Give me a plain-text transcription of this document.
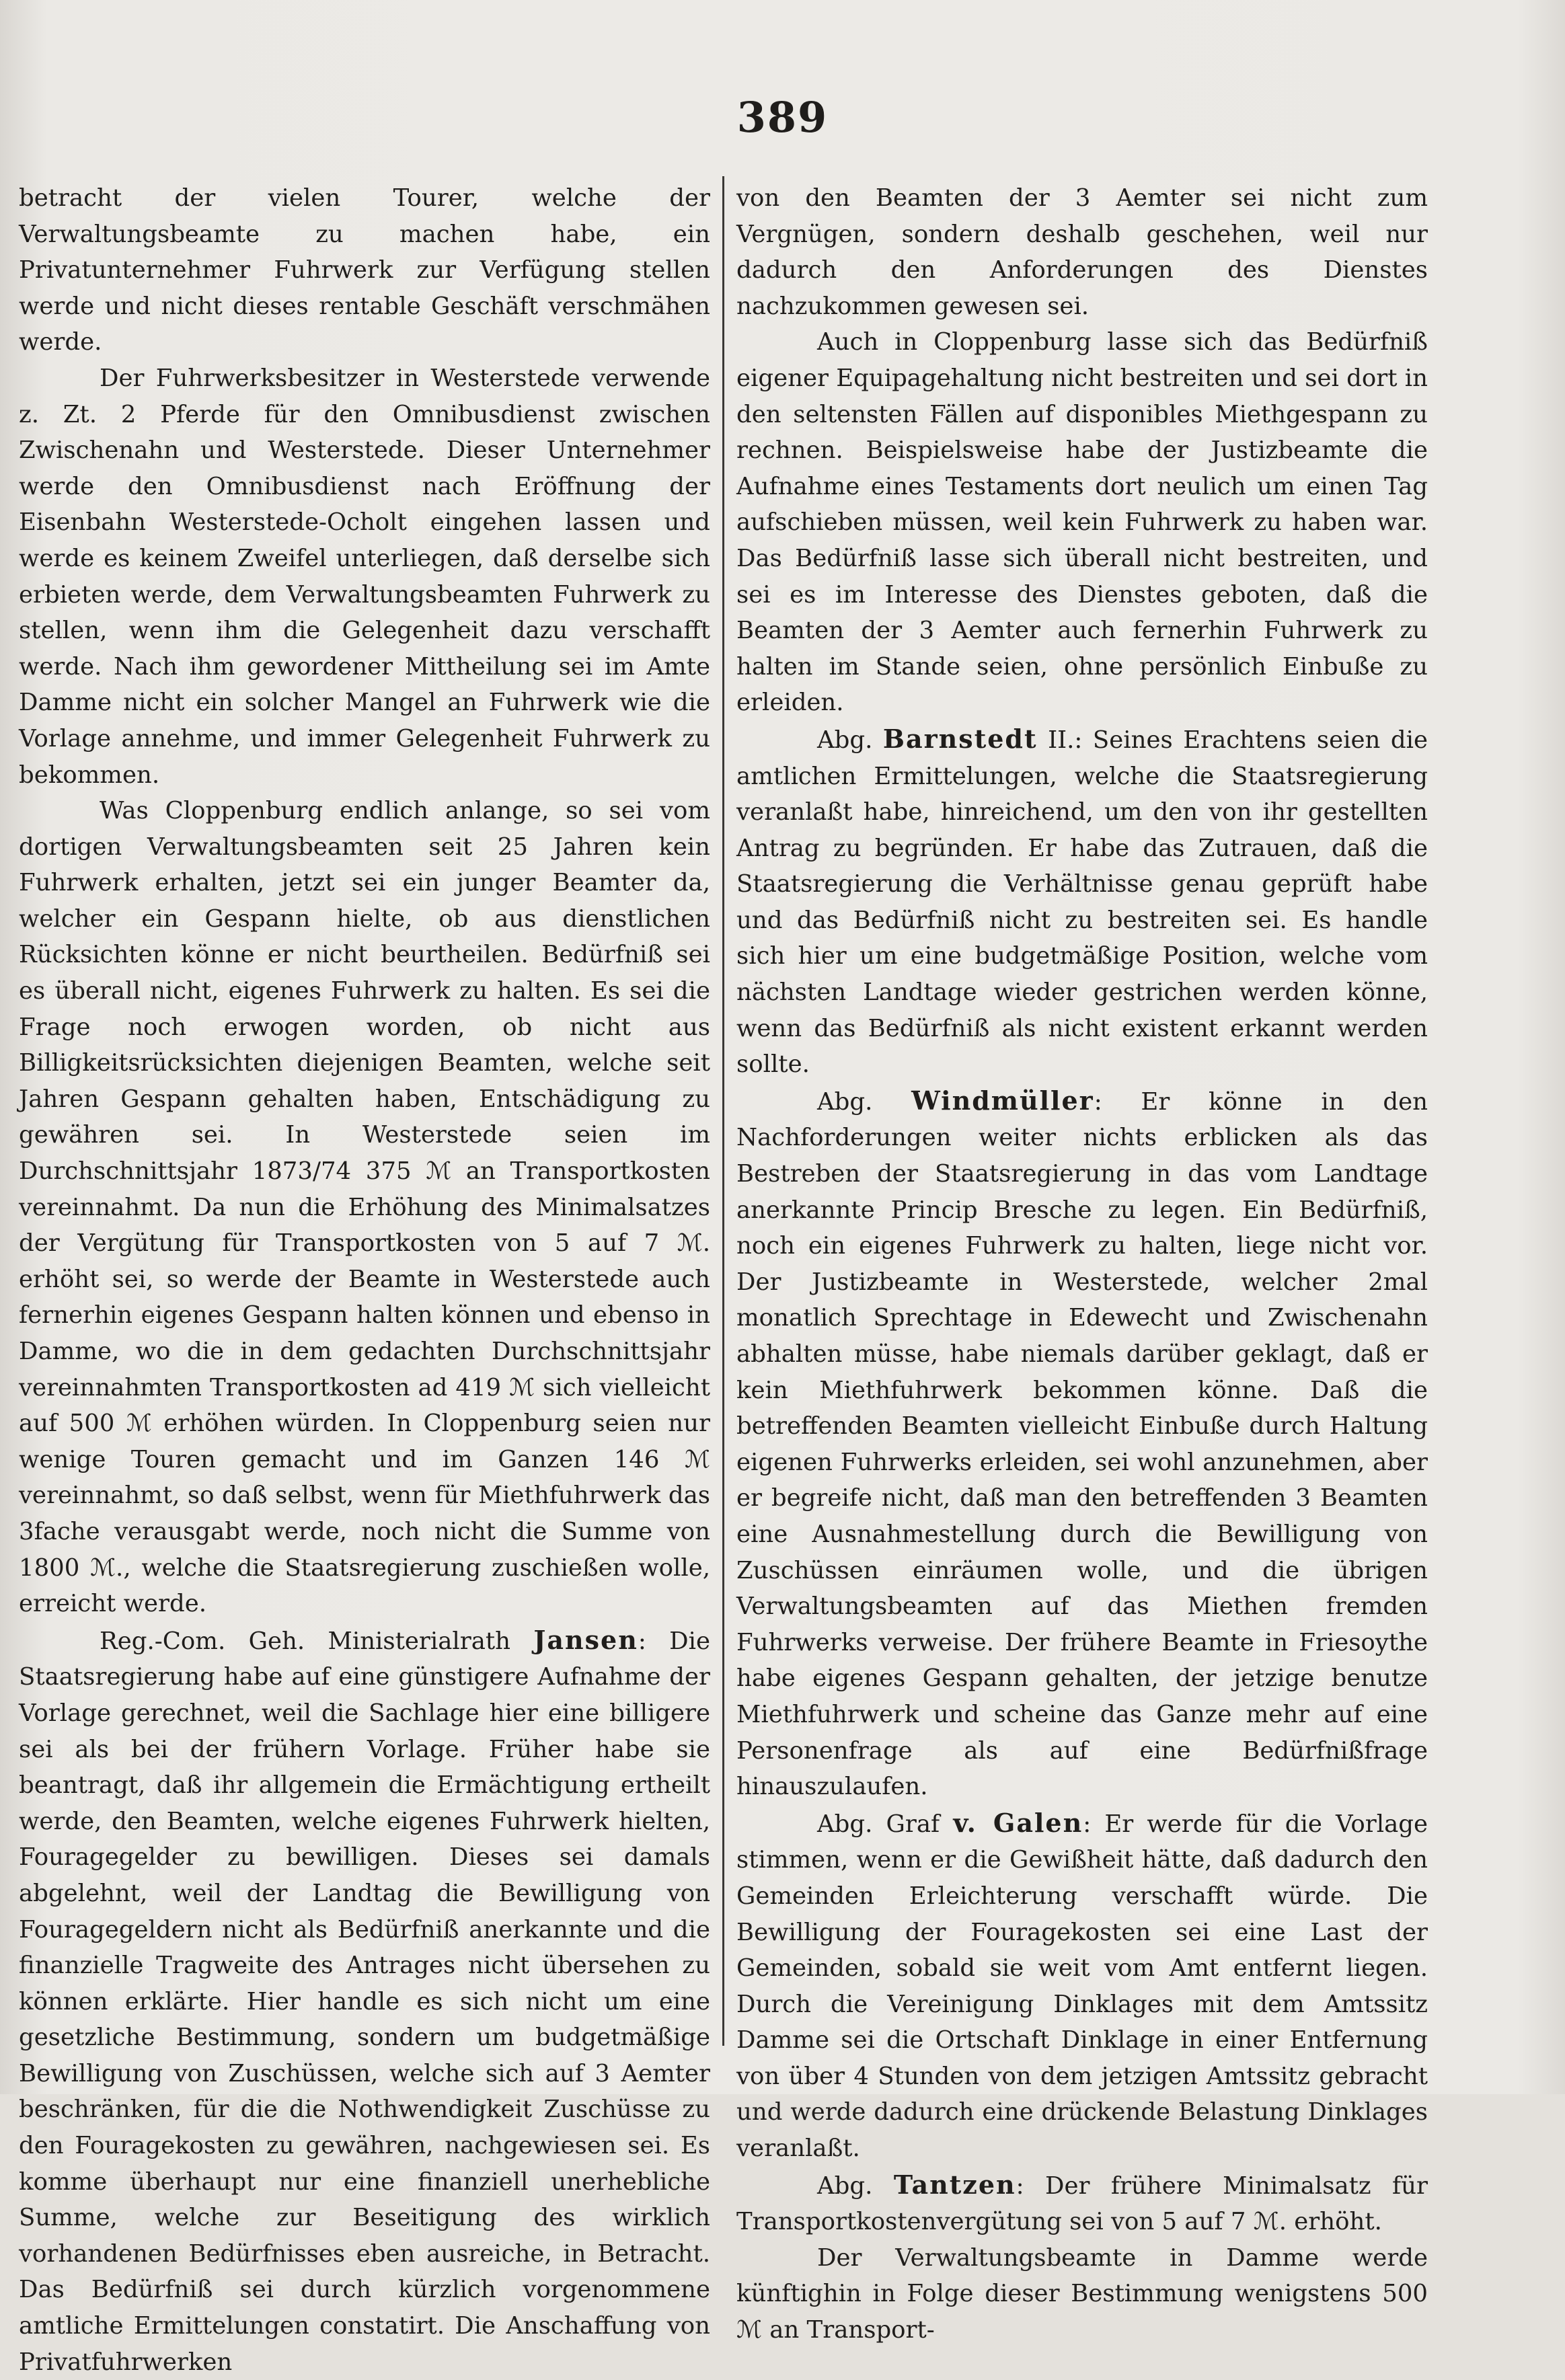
389

betracht der vielen Tourer, welche der Verwaltungsbeamte zu machen habe, ein Privatunternehmer Fuhrwerk zur Verfügung stellen werde und nicht dieses rentable Geschäft verschmähen werde.

Der Fuhrwerksbesitzer in Westerstede verwende z. Zt. 2 Pferde für den Omnibusdienst zwischen Zwischenahn und Westerstede. Dieser Unternehmer werde den Omnibusdienst nach Eröffnung der Eisenbahn Westerstede-Ocholt eingehen lassen und werde es keinem Zweifel unterliegen, daß derselbe sich erbieten werde, dem Verwaltungsbeamten Fuhrwerk zu stellen, wenn ihm die Gelegenheit dazu verschafft werde. Nach ihm gewordener Mittheilung sei im Amte Damme nicht ein solcher Mangel an Fuhrwerk wie die Vorlage annehme, und immer Gelegenheit Fuhrwerk zu bekommen.

Was Cloppenburg endlich anlange, so sei vom dortigen Verwaltungsbeamten seit 25 Jahren kein Fuhrwerk erhalten, jetzt sei ein junger Beamter da, welcher ein Gespann hielte, ob aus dienstlichen Rücksichten könne er nicht beurtheilen. Bedürfniß sei es überall nicht, eigenes Fuhrwerk zu halten. Es sei die Frage noch erwogen worden, ob nicht aus Billigkeitsrücksichten diejenigen Beamten, welche seit Jahren Gespann gehalten haben, Entschädigung zu gewähren sei. In Westerstede seien im Durchschnittsjahr 1873/74 375 ℳ an Transportkosten vereinnahmt. Da nun die Erhöhung des Minimalsatzes der Vergütung für Transportkosten von 5 auf 7 ℳ. erhöht sei, so werde der Beamte in Westerstede auch fernerhin eigenes Gespann halten können und ebenso in Damme, wo die in dem gedachten Durchschnittsjahr vereinnahmten Transportkosten ad 419 ℳ sich vielleicht auf 500 ℳ erhöhen würden. In Cloppenburg seien nur wenige Touren gemacht und im Ganzen 146 ℳ vereinnahmt, so daß selbst, wenn für Miethfuhrwerk das 3fache verausgabt werde, noch nicht die Summe von 1800 ℳ., welche die Staatsregierung zuschießen wolle, erreicht werde.

Reg.-Com. Geh. Ministerialrath Jansen: Die Staatsregierung habe auf eine günstigere Aufnahme der Vorlage gerechnet, weil die Sachlage hier eine billigere sei als bei der frühern Vorlage. Früher habe sie beantragt, daß ihr allgemein die Ermächtigung ertheilt werde, den Beamten, welche eigenes Fuhrwerk hielten, Fouragegelder zu bewilligen. Dieses sei damals abgelehnt, weil der Landtag die Bewilligung von Fouragegeldern nicht als Bedürfniß anerkannte und die finanzielle Tragweite des Antrages nicht übersehen zu können erklärte. Hier handle es sich nicht um eine gesetzliche Bestimmung, sondern um budgetmäßige Bewilligung von Zuschüssen, welche sich auf 3 Aemter beschränken, für die die Nothwendigkeit Zuschüsse zu den Fouragekosten zu gewähren, nachgewiesen sei. Es komme überhaupt nur eine finanziell unerhebliche Summe, welche zur Beseitigung des wirklich vorhandenen Bedürfnisses eben ausreiche, in Betracht. Das Bedürfniß sei durch kürzlich vorgenommene amtliche Ermittelungen constatirt. Die Anschaffung von Privatfuhrwerken

von den Beamten der 3 Aemter sei nicht zum Vergnügen, sondern deshalb geschehen, weil nur dadurch den Anforderungen des Dienstes nachzukommen gewesen sei.

Auch in Cloppenburg lasse sich das Bedürfniß eigener Equipagehaltung nicht bestreiten und sei dort in den seltensten Fällen auf disponibles Miethgespann zu rechnen. Beispielsweise habe der Justizbeamte die Aufnahme eines Testaments dort neulich um einen Tag aufschieben müssen, weil kein Fuhrwerk zu haben war. Das Bedürfniß lasse sich überall nicht bestreiten, und sei es im Interesse des Dienstes geboten, daß die Beamten der 3 Aemter auch fernerhin Fuhrwerk zu halten im Stande seien, ohne persönlich Einbuße zu erleiden.

Abg. Barnstedt II.: Seines Erachtens seien die amtlichen Ermittelungen, welche die Staatsregierung veranlaßt habe, hinreichend, um den von ihr gestellten Antrag zu begründen. Er habe das Zutrauen, daß die Staatsregierung die Verhältnisse genau geprüft habe und das Bedürfniß nicht zu bestreiten sei. Es handle sich hier um eine budgetmäßige Position, welche vom nächsten Landtage wieder gestrichen werden könne, wenn das Bedürfniß als nicht existent erkannt werden sollte.

Abg. Windmüller: Er könne in den Nachforderungen weiter nichts erblicken als das Bestreben der Staatsregierung in das vom Landtage anerkannte Princip Bresche zu legen. Ein Bedürfniß, noch ein eigenes Fuhrwerk zu halten, liege nicht vor. Der Justizbeamte in Westerstede, welcher 2mal monatlich Sprechtage in Edewecht und Zwischenahn abhalten müsse, habe niemals darüber geklagt, daß er kein Miethfuhrwerk bekommen könne. Daß die betreffenden Beamten vielleicht Einbuße durch Haltung eigenen Fuhrwerks erleiden, sei wohl anzunehmen, aber er begreife nicht, daß man den betreffenden 3 Beamten eine Ausnahmestellung durch die Bewilligung von Zuschüssen einräumen wolle, und die übrigen Verwaltungsbeamten auf das Miethen fremden Fuhrwerks verweise. Der frühere Beamte in Friesoythe habe eigenes Gespann gehalten, der jetzige benutze Miethfuhrwerk und scheine das Ganze mehr auf eine Personenfrage als auf eine Bedürfnißfrage hinauszulaufen.

Abg. Graf v. Galen: Er werde für die Vorlage stimmen, wenn er die Gewißheit hätte, daß dadurch den Gemeinden Erleichterung verschafft würde. Die Bewilligung der Fouragekosten sei eine Last der Gemeinden, sobald sie weit vom Amt entfernt liegen. Durch die Vereinigung Dinklages mit dem Amtssitz Damme sei die Ortschaft Dinklage in einer Entfernung von über 4 Stunden von dem jetzigen Amtssitz gebracht und werde dadurch eine drückende Belastung Dinklages veranlaßt.

Abg. Tantzen: Der frühere Minimalsatz für Transportkostenvergütung sei von 5 auf 7 ℳ. erhöht.

Der Verwaltungsbeamte in Damme werde künftighin in Folge dieser Bestimmung wenigstens 500 ℳ an Transport-
